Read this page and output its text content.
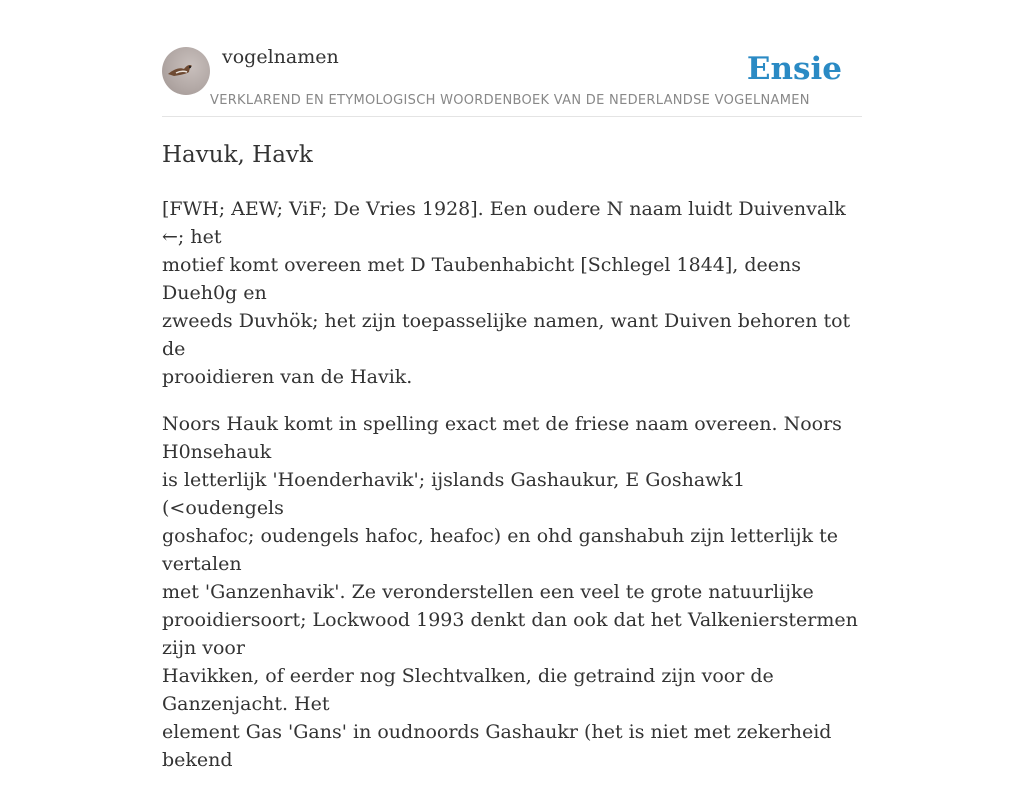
vogelnamen	Ensie
VERKLAREND EN ETYMOLOGISCH WOORDENBOEK VAN DE NEDERLANDSE VOGELNAMEN
Havuk, Havk

[FWH; AEW; ViF; De Vries 1928]. Een oudere N naam luidt Duivenvalk ←; het
motief komt overeen met D Taubenhabicht [Schlegel 1844], deens Dueh0g en
zweeds Duvhök; het zijn toepasselijke namen, want Duiven behoren tot de
prooidieren van de Havik.

Noors Hauk komt in spelling exact met de friese naam overeen. Noors H0nsehauk
is letterlijk 'Hoenderhavik'; ijslands Gashaukur, E Goshawk1 (<oudengels
goshafoc; oudengels hafoc, heafoc) en ohd ganshabuh zijn letterlijk te vertalen
met 'Ganzenhavik'. Ze veronderstellen een veel te grote natuurlijke
prooidiersoort; Lockwood 1993 denkt dan ook dat het Valkenierstermen zijn voor
Havikken, of eerder nog Slechtvalken, die getraind zijn voor de Ganzenjacht. Het
element Gas 'Gans' in oudnoords Gashaukr (het is niet met zekerheid bekend
